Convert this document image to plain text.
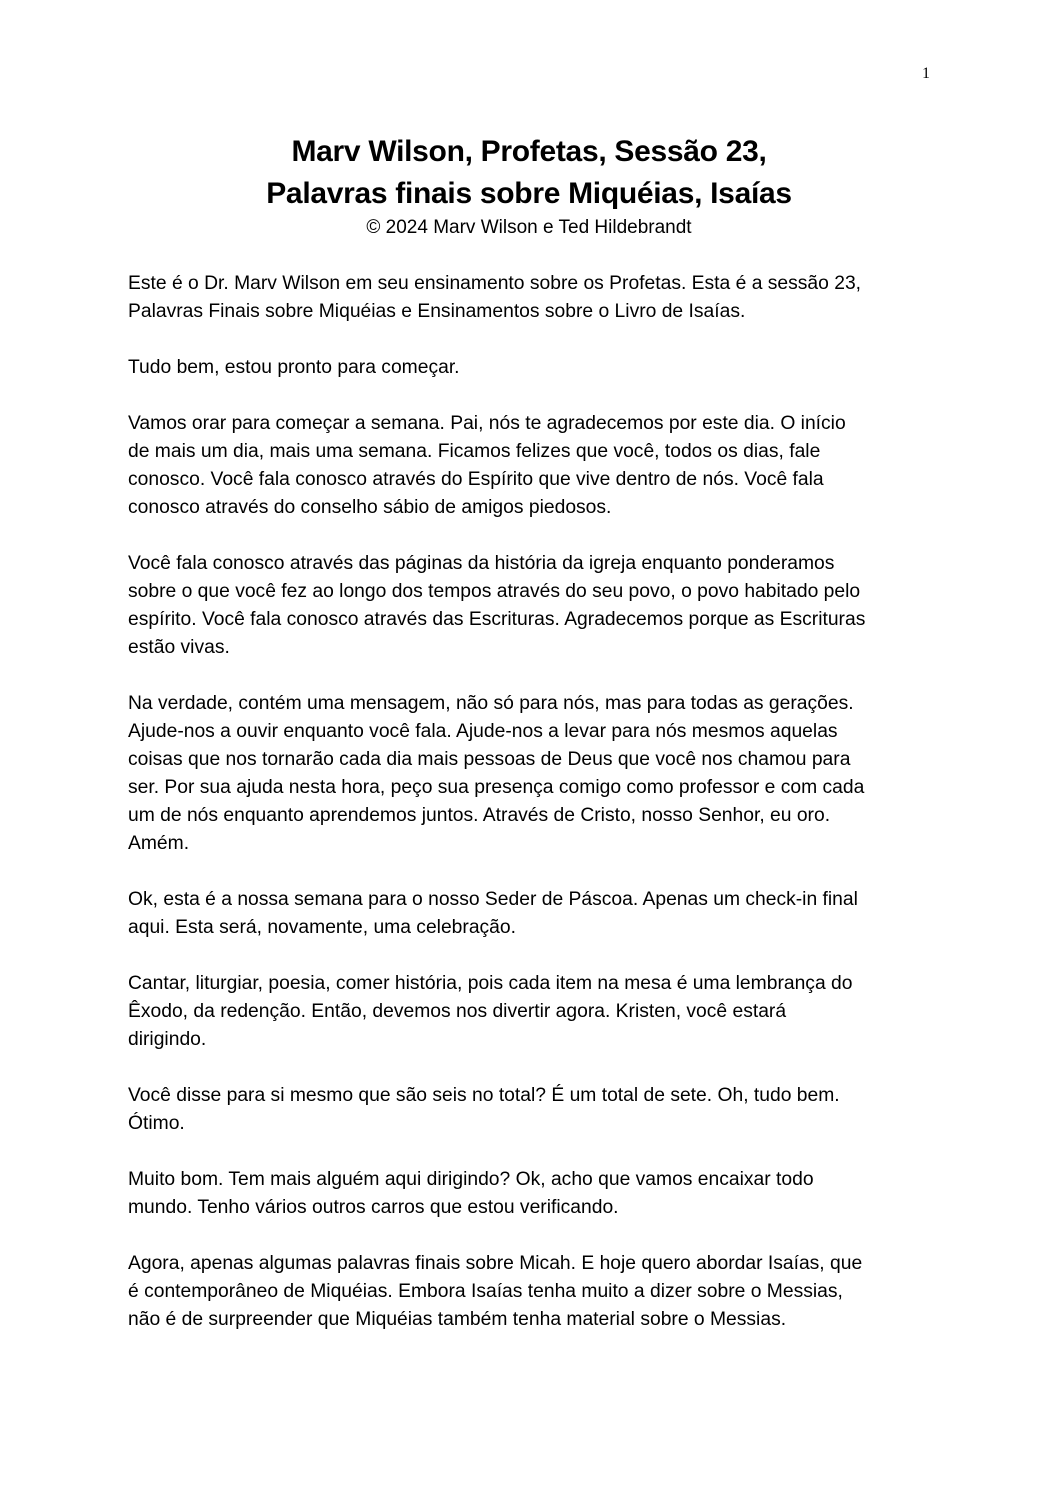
1
Marv Wilson, Profetas, Sessão 23,
Palavras finais sobre Miquéias, Isaías
© 2024 Marv Wilson e Ted Hildebrandt
Este é o Dr. Marv Wilson em seu ensinamento sobre os Profetas. Esta é a sessão 23,
Palavras Finais sobre Miquéias e Ensinamentos sobre o Livro de Isaías.
Tudo bem, estou pronto para começar.
Vamos orar para começar a semana. Pai, nós te agradecemos por este dia. O início
de mais um dia, mais uma semana. Ficamos felizes que você, todos os dias, fale
conosco. Você fala conosco através do Espírito que vive dentro de nós. Você fala
conosco através do conselho sábio de amigos piedosos.
Você fala conosco através das páginas da história da igreja enquanto ponderamos
sobre o que você fez ao longo dos tempos através do seu povo, o povo habitado pelo
espírito. Você fala conosco através das Escrituras. Agradecemos porque as Escrituras
estão vivas.
Na verdade, contém uma mensagem, não só para nós, mas para todas as gerações.
Ajude-nos a ouvir enquanto você fala. Ajude-nos a levar para nós mesmos aquelas
coisas que nos tornarão cada dia mais pessoas de Deus que você nos chamou para
ser. Por sua ajuda nesta hora, peço sua presença comigo como professor e com cada
um de nós enquanto aprendemos juntos. Através de Cristo, nosso Senhor, eu oro.
Amém.
Ok, esta é a nossa semana para o nosso Seder de Páscoa. Apenas um check-in final
aqui. Esta será, novamente, uma celebração.
Cantar, liturgiar, poesia, comer história, pois cada item na mesa é uma lembrança do
Êxodo, da redenção. Então, devemos nos divertir agora. Kristen, você estará
dirigindo.
Você disse para si mesmo que são seis no total? É um total de sete. Oh, tudo bem.
Ótimo.
Muito bom. Tem mais alguém aqui dirigindo? Ok, acho que vamos encaixar todo
mundo. Tenho vários outros carros que estou verificando.
Agora, apenas algumas palavras finais sobre Micah. E hoje quero abordar Isaías, que
é contemporâneo de Miquéias. Embora Isaías tenha muito a dizer sobre o Messias,
não é de surpreender que Miquéias também tenha material sobre o Messias.
